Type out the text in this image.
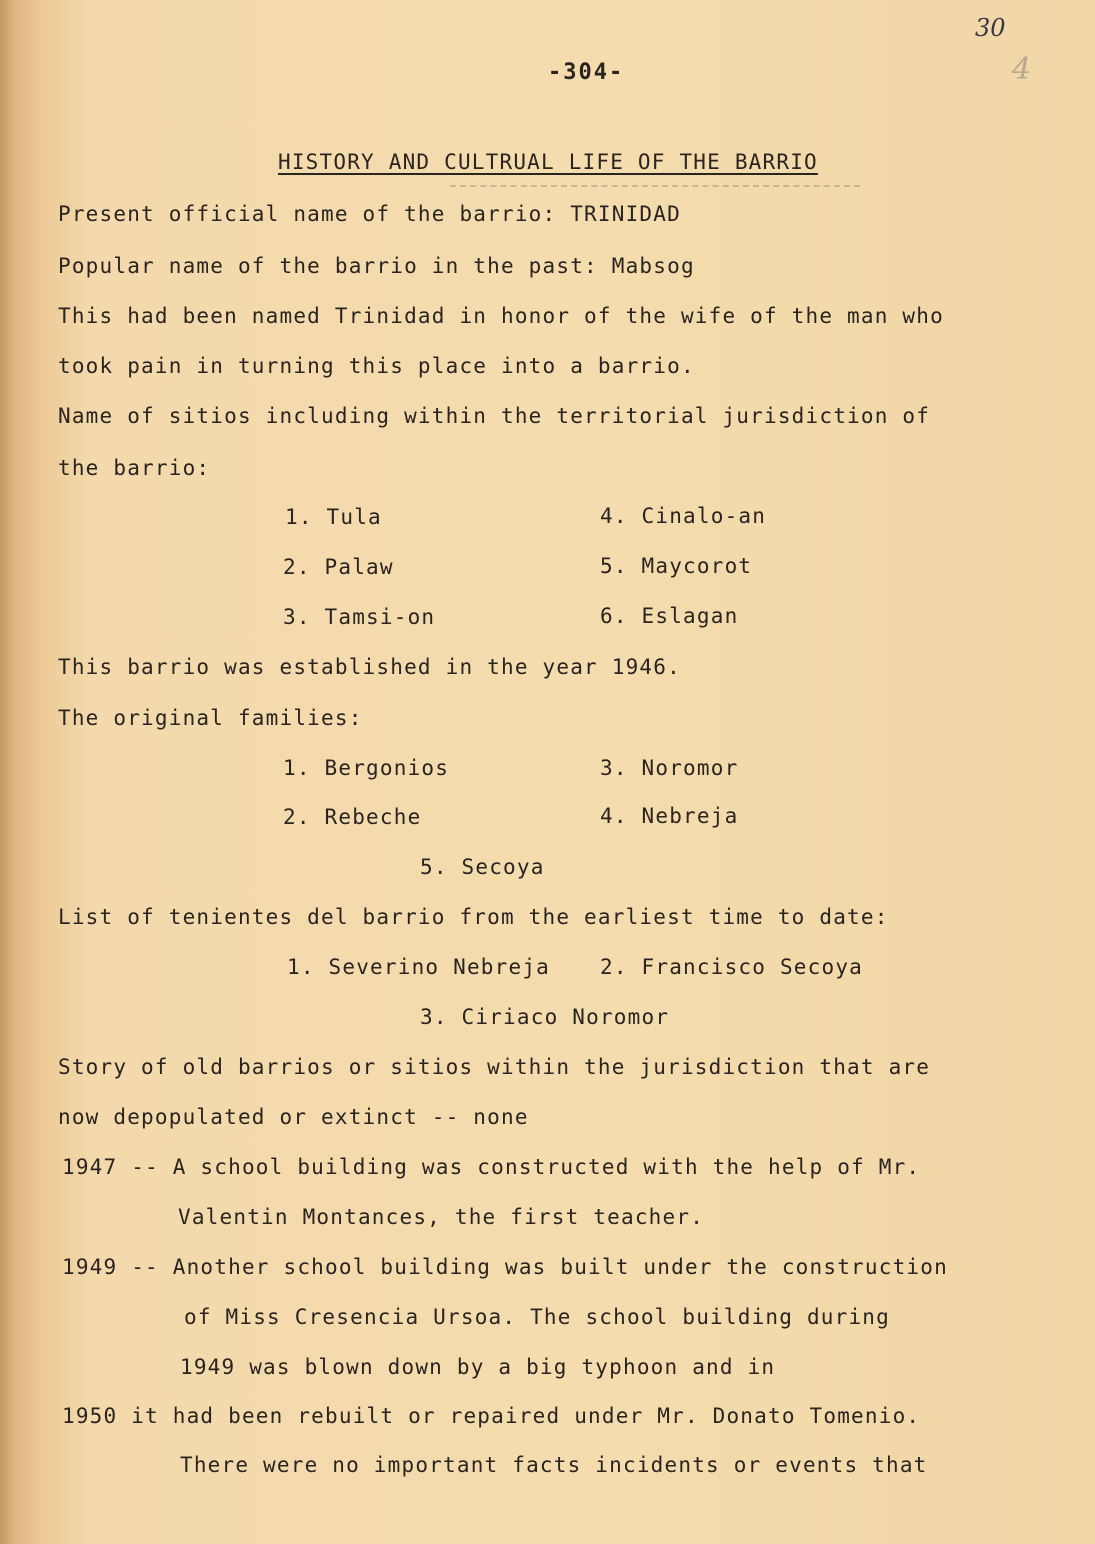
30
4
-304-
HISTORY AND CULTRUAL LIFE OF THE BARRIO
Present official name of the barrio: TRINIDAD
Popular name of the barrio in the past: Mabsog
This had been named Trinidad in honor of the wife of the man who
took pain in turning this place into a barrio.
Name of sitios including within the territorial jurisdiction of
the barrio:
1. Tula	4. Cinalo-an
2. Palaw	5. Maycorot
3. Tamsi-on	6. Eslagan
This barrio was established in the year 1946.
The original families:
1. Bergonios	3. Noromor
2. Rebeche	4. Nebreja
5. Secoya
List of tenientes del barrio from the earliest time to date:
1. Severino Nebreja 2. Francisco Secoya
3. Ciriaco Noromor
Story of old barrios or sitios within the jurisdiction that are
now depopulated or extinct -- none
1947 -- A school building was constructed with the help of Mr.
Valentin Montances, the first teacher.
1949 -- Another school building was built under the construction
of Miss Cresencia Ursoa. The school building during
1949 was blown down by a big typhoon and in
1950 it had been rebuilt or repaired under Mr. Donato Tomenio.
There were no important facts incidents or events that
